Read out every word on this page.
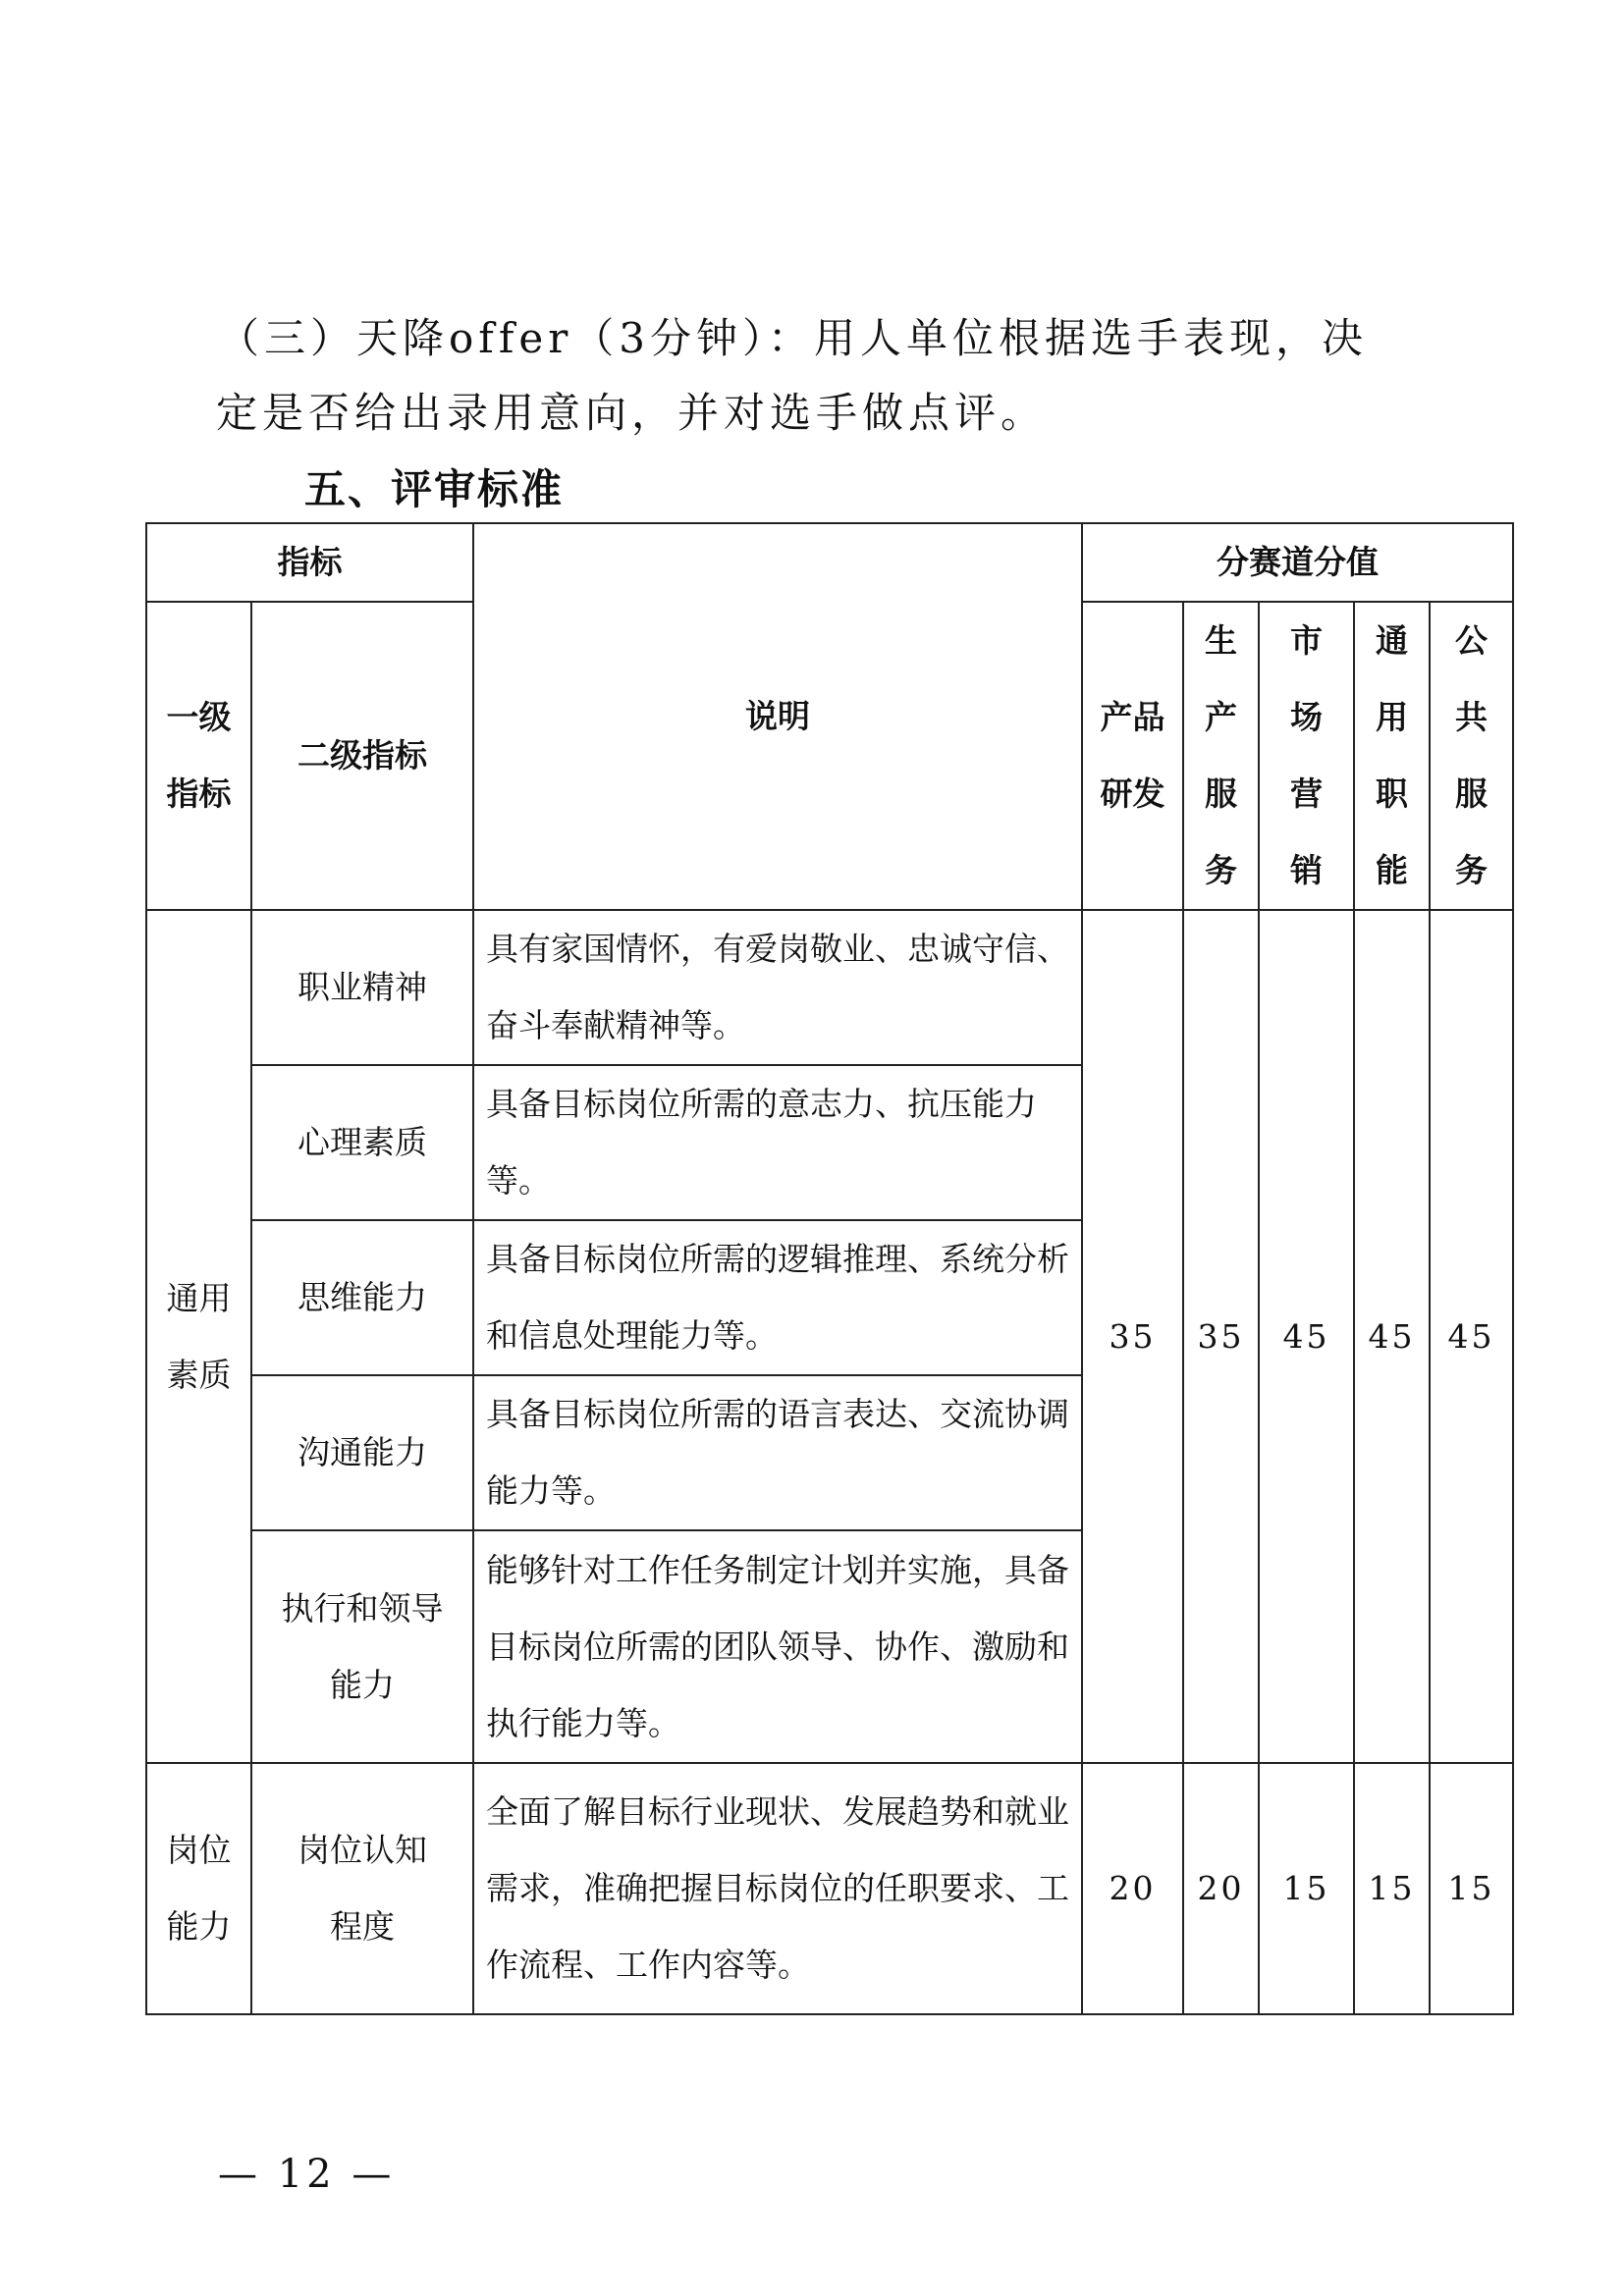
（三）天降offer（3分钟）：用人单位根据选手表现，决
定是否给出录用意向，并对选手做点评。

五、评审标准
指标		说明	分赛道分值				
一级指标	二级指标		产品研发	生产服务	市场营销	通用职能	公共服务
通用素质	职业精神	具有家国情怀，有爱岗敬业、忠诚守信、奋斗奉献精神等。	35	35	45	45	45
	心理素质	具备目标岗位所需的意志力、抗压能力等。					
	思维能力	具备目标岗位所需的逻辑推理、系统分析和信息处理能力等。					
	沟通能力	具备目标岗位所需的语言表达、交流协调能力等。					
	执行和领导能力	能够针对工作任务制定计划并实施，具备目标岗位所需的团队领导、协作、激励和执行能力等。					
岗位能力	岗位认知程度	全面了解目标行业现状、发展趋势和就业需求，准确把握目标岗位的任职要求、工作流程、工作内容等。	20	20	15	15	15
— 12 —
